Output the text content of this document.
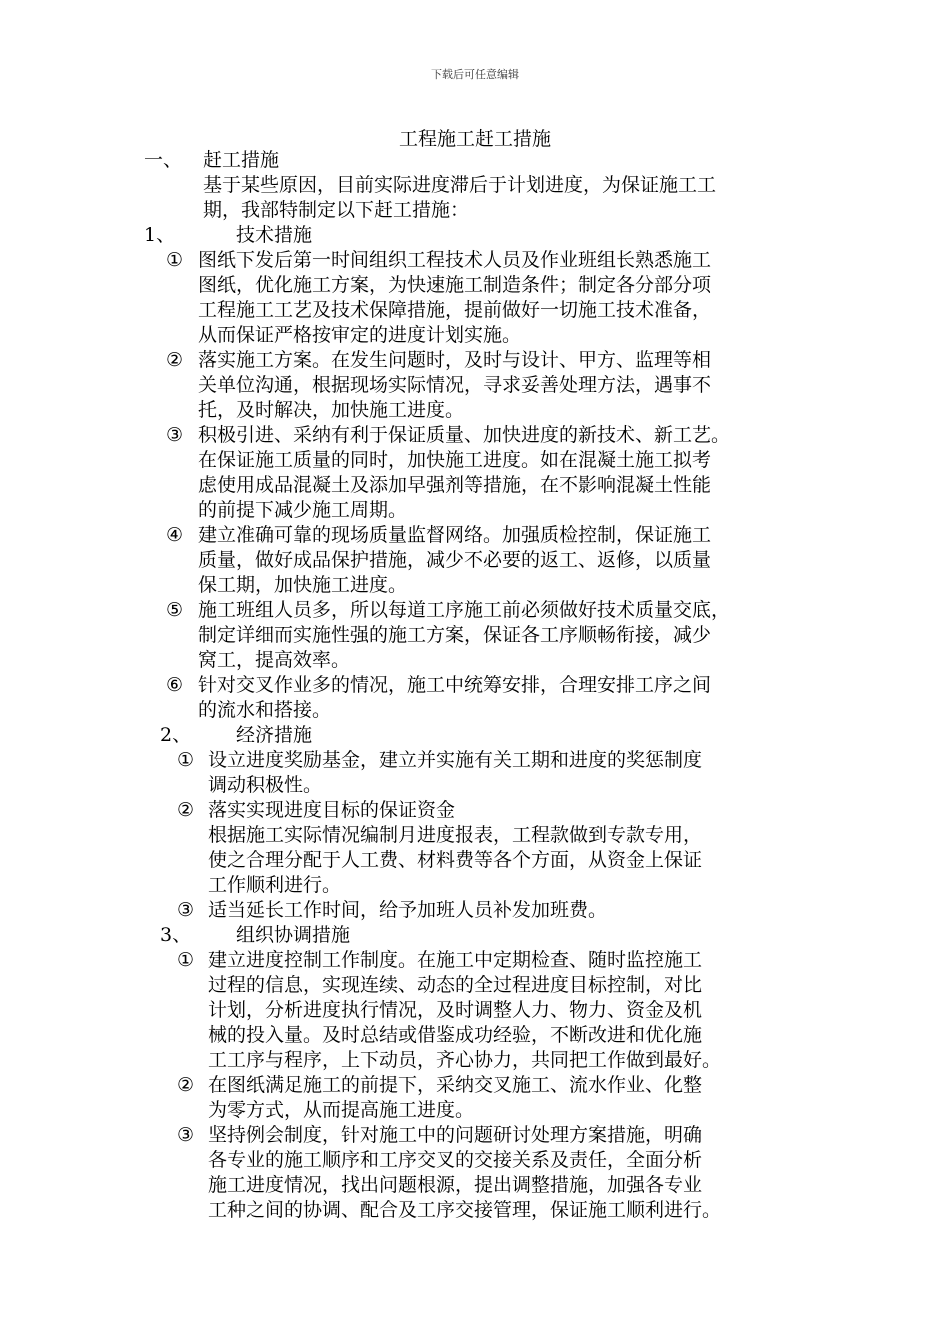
下载后可任意编辑
工程施工赶工措施
一、 赶工措施
基于某些原因，目前实际进度滞后于计划进度，为保证施工工
期，我部特制定以下赶工措施：
1、	技术措施
① 图纸下发后第一时间组织工程技术人员及作业班组长熟悉施工
图纸，优化施工方案，为快速施工制造条件；制定各分部分项
工程施工工艺及技术保障措施，提前做好一切施工技术准备，
从而保证严格按审定的进度计划实施。
② 落实施工方案。在发生问题时，及时与设计、甲方、监理等相
关单位沟通，根据现场实际情况，寻求妥善处理方法，遇事不
托，及时解决，加快施工进度。
③ 积极引进、采纳有利于保证质量、加快进度的新技术、新工艺。
在保证施工质量的同时，加快施工进度。如在混凝土施工拟考
虑使用成品混凝土及添加早强剂等措施，在不影响混凝土性能
的前提下减少施工周期。
④ 建立准确可靠的现场质量监督网络。加强质检控制，保证施工
质量，做好成品保护措施，减少不必要的返工、返修，以质量
保工期，加快施工进度。
⑤ 施工班组人员多，所以每道工序施工前必须做好技术质量交底，
制定详细而实施性强的施工方案，保证各工序顺畅衔接，减少
窝工，提高效率。
⑥ 针对交叉作业多的情况，施工中统筹安排，合理安排工序之间
的流水和搭接。
2、 经济措施
① 设立进度奖励基金，建立并实施有关工期和进度的奖惩制度
调动积极性。
② 落实实现进度目标的保证资金
根据施工实际情况编制月进度报表，工程款做到专款专用，
使之合理分配于人工费、材料费等各个方面，从资金上保证
工作顺利进行。
③ 适当延长工作时间，给予加班人员补发加班费。
3、 组织协调措施
① 建立进度控制工作制度。在施工中定期检查、随时监控施工
过程的信息，实现连续、动态的全过程进度目标控制，对比
计划，分析进度执行情况，及时调整人力、物力、资金及机
械的投入量。及时总结或借鉴成功经验，不断改进和优化施
工工序与程序，上下动员，齐心协力，共同把工作做到最好。
② 在图纸满足施工的前提下，采纳交叉施工、流水作业、化整
为零方式，从而提高施工进度。
③ 坚持例会制度，针对施工中的问题研讨处理方案措施，明确
各专业的施工顺序和工序交叉的交接关系及责任，全面分析
施工进度情况，找出问题根源，提出调整措施，加强各专业
工种之间的协调、配合及工序交接管理，保证施工顺利进行。
